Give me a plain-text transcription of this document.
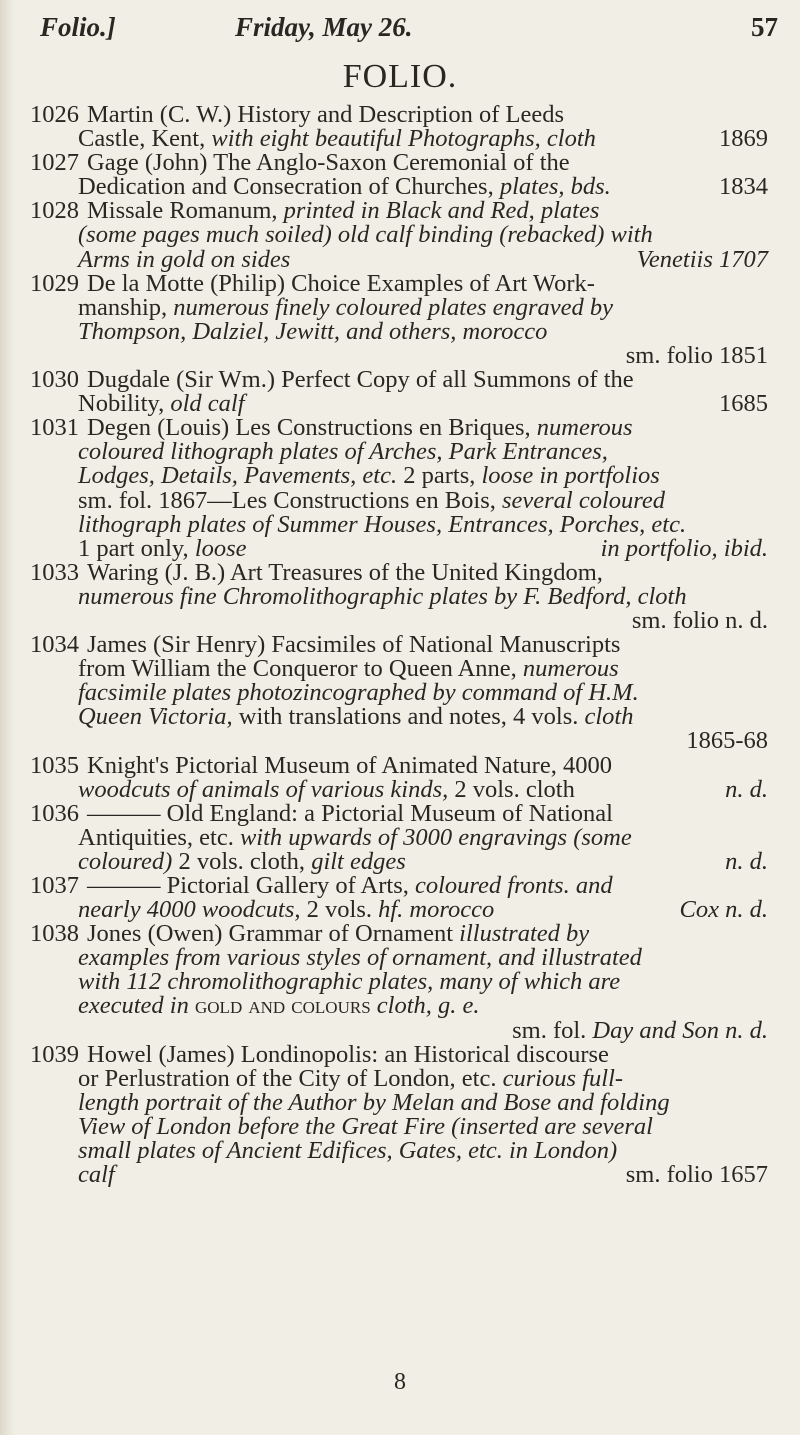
Folio.]	Friday, May 26.	57
FOLIO.
1026 Martin (C. W.) History and Description of Leeds
Castle, Kent, with eight beautiful Photographs, cloth	1869
1027 Gage (John) The Anglo-Saxon Ceremonial of the
Dedication and Consecration of Churches, plates, bds.	1834
1028 Missale Romanum, printed in Black and Red, plates
(some pages much soiled) old calf binding (rebacked) with
Arms in gold on sides	Venetiis 1707
1029 De la Motte (Philip) Choice Examples of Art Work-
manship, numerous finely coloured plates engraved by
Thompson, Dalziel, Jewitt, and others, morocco
sm. folio 1851
1030 Dugdale (Sir Wm.) Perfect Copy of all Summons of the
Nobility, old calf	1685
1031 Degen (Louis) Les Constructions en Briques, numerous
coloured lithograph plates of Arches, Park Entrances,
Lodges, Details, Pavements, etc. 2 parts, loose in portfolios
sm. fol. 1867—Les Constructions en Bois, several coloured
lithograph plates of Summer Houses, Entrances, Porches, etc.
1 part only, loose	in portfolio, ibid.
1033 Waring (J. B.) Art Treasures of the United Kingdom,
numerous fine Chromolithographic plates by F. Bedford, cloth
sm. folio n. d.
1034 James (Sir Henry) Facsimiles of National Manuscripts
from William the Conqueror to Queen Anne, numerous
facsimile plates photozincographed by command of H.M.
Queen Victoria, with translations and notes, 4 vols. cloth
1865-68
1035 Knight's Pictorial Museum of Animated Nature, 4000
woodcuts of animals of various kinds, 2 vols. cloth	n. d.
1036 ——— Old England: a Pictorial Museum of National
Antiquities, etc. with upwards of 3000 engravings (some
coloured) 2 vols. cloth, gilt edges	n. d.
1037 ——— Pictorial Gallery of Arts, coloured fronts. and
nearly 4000 woodcuts, 2 vols. hf. morocco	Cox n. d.
1038 Jones (Owen) Grammar of Ornament illustrated by
examples from various styles of ornament, and illustrated
with 112 chromolithographic plates, many of which are
executed in gold and colours cloth, g. e.
sm. fol. Day and Son n. d.
1039 Howel (James) Londinopolis: an Historical discourse
or Perlustration of the City of London, etc. curious full-
length portrait of the Author by Melan and Bose and folding
View of London before the Great Fire (inserted are several
small plates of Ancient Edifices, Gates, etc. in London)
calf	sm. folio 1657
8
